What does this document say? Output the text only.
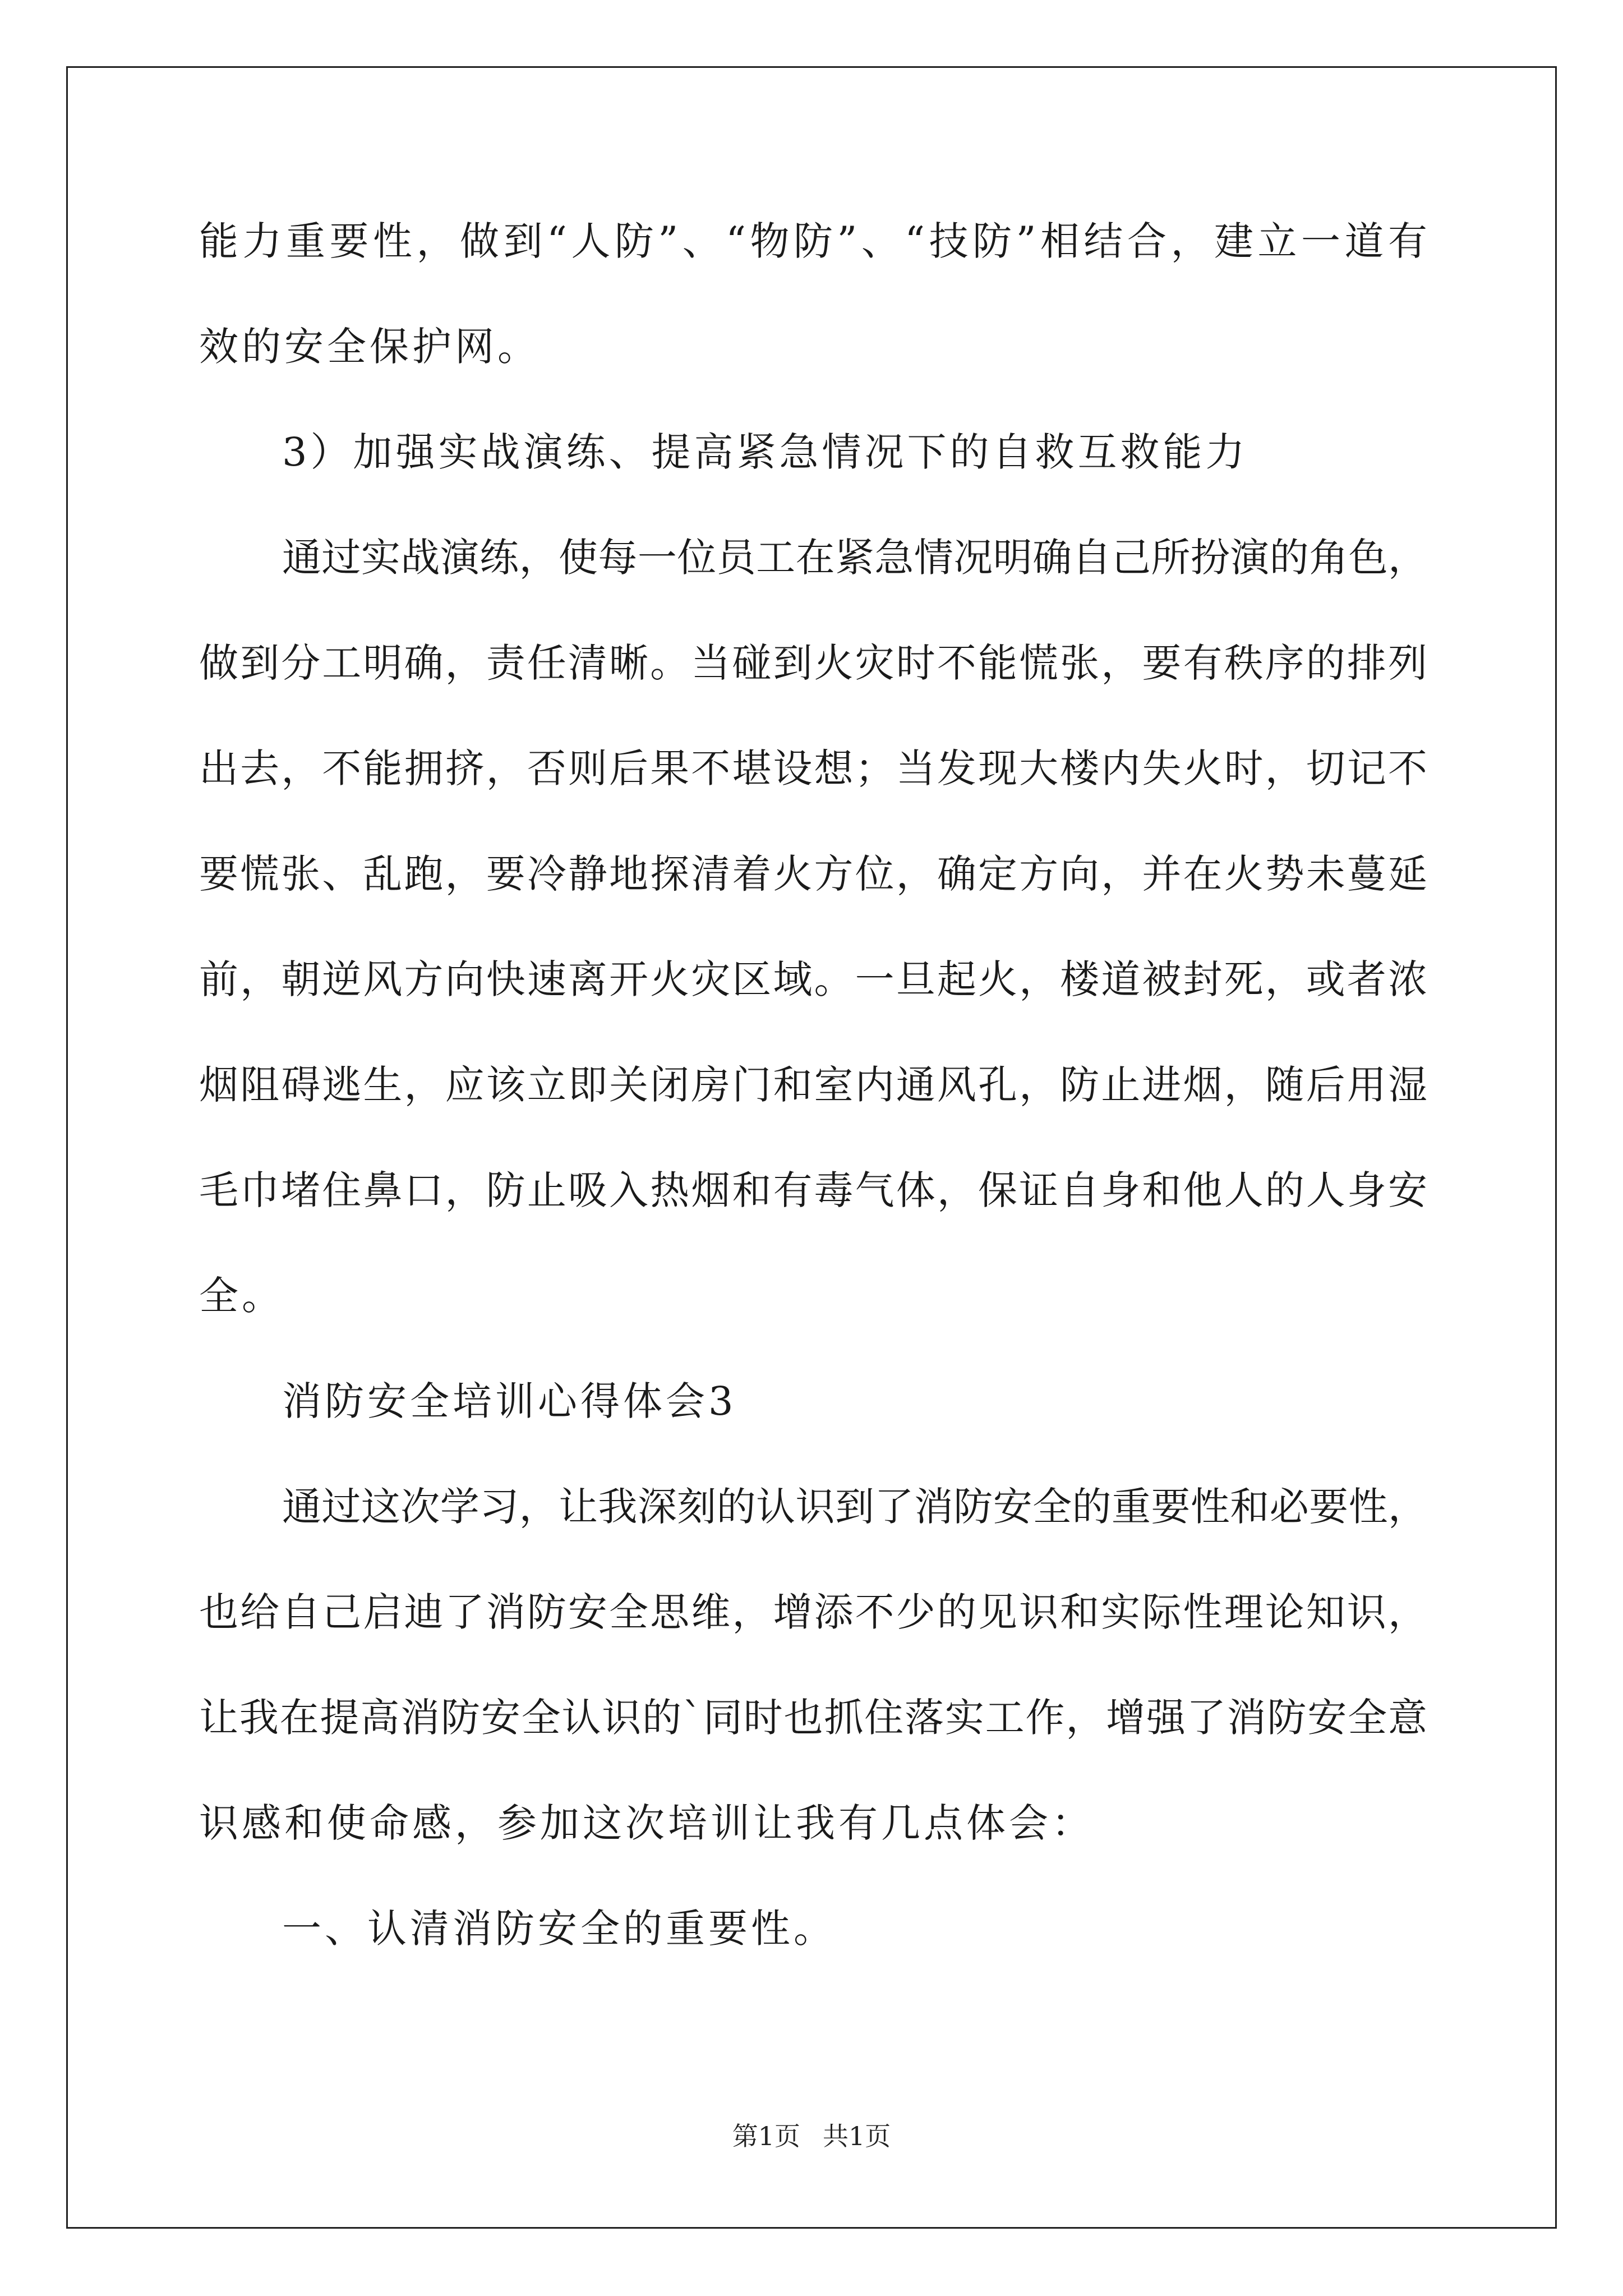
能力重要性，做到“人防”、“物防”、“技防”相结合，建立一道有
效的安全保护网。
3）加强实战演练、提高紧急情况下的自救互救能力
通过实战演练，使每一位员工在紧急情况明确自己所扮演的角色，
做到分工明确，责任清晰。当碰到火灾时不能慌张，要有秩序的排列
出去，不能拥挤，否则后果不堪设想；当发现大楼内失火时，切记不
要慌张、乱跑，要冷静地探清着火方位，确定方向，并在火势未蔓延
前，朝逆风方向快速离开火灾区域。一旦起火，楼道被封死，或者浓
烟阻碍逃生，应该立即关闭房门和室内通风孔，防止进烟，随后用湿
毛巾堵住鼻口，防止吸入热烟和有毒气体，保证自身和他人的人身安
全。
消防安全培训心得体会3
通过这次学习，让我深刻的认识到了消防安全的重要性和必要性，
也给自己启迪了消防安全思维，增添不少的见识和实际性理论知识，
让我在提高消防安全认识的`同时也抓住落实工作，增强了消防安全意
识感和使命感，参加这次培训让我有几点体会：
一、认清消防安全的重要性。
第1页 共1页
